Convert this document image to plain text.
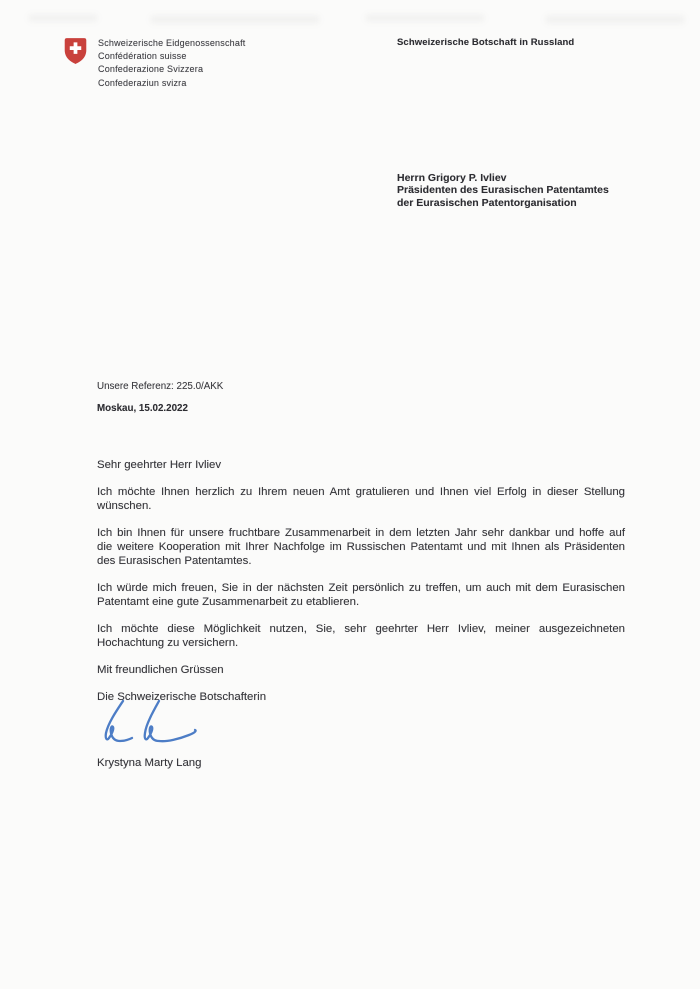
Schweizerische Eidgenossenschaft
Confédération suisse
Confederazione Svizzera
Confederaziun svizra
Schweizerische Botschaft in Russland
Herrn Grigory P. Ivliev
Präsidenten des Eurasischen Patentamtes
der Eurasischen Patentorganisation
Unsere Referenz: 225.0/AKK
Moskau, 15.02.2022
Sehr geehrter Herr Ivliev
Ich möchte Ihnen herzlich zu Ihrem neuen Amt gratulieren und Ihnen viel Erfolg in dieser Stellung
wünschen.
Ich bin Ihnen für unsere fruchtbare Zusammenarbeit in dem letzten Jahr sehr dankbar und hoffe auf
die weitere Kooperation mit Ihrer Nachfolge im Russischen Patentamt und mit Ihnen als Präsidenten
des Eurasischen Patentamtes.
Ich würde mich freuen, Sie in der nächsten Zeit persönlich zu treffen, um auch mit dem Eurasischen
Patentamt eine gute Zusammenarbeit zu etablieren.
Ich möchte diese Möglichkeit nutzen, Sie, sehr geehrter Herr Ivliev, meiner ausgezeichneten
Hochachtung zu versichern.
Mit freundlichen Grüssen
Die Schweizerische Botschafterin
Krystyna Marty Lang
